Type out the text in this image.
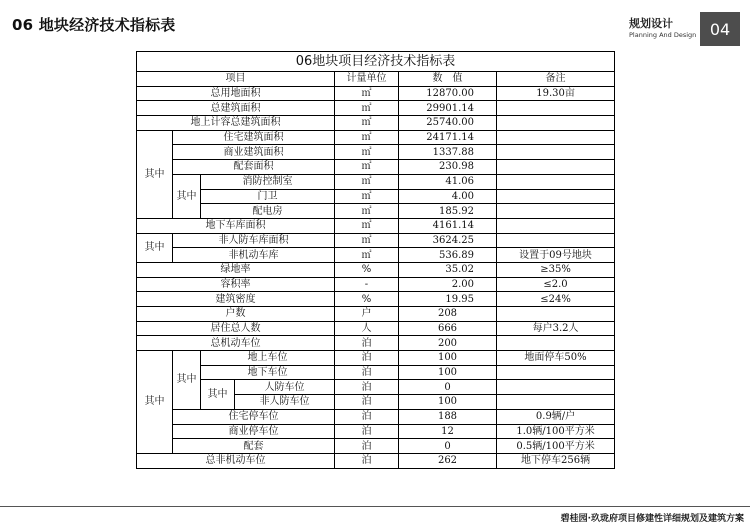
06 地块经济技术指标表	规划设计
Planning And Design 04
06地块项目经济技术指标表						
项目				计量单位	数　值	备注
总用地面积				㎡	12870.00	19.30亩
总建筑面积				㎡	29901.14	
地上计容总建筑面积				㎡	25740.00	
其中	住宅建筑面积			㎡	24171.14	
	商业建筑面积			㎡	1337.88	
	配套面积			㎡	230.98	
	其中	消防控制室		㎡	41.06	
		门卫		㎡	4.00	
		配电房		㎡	185.92	
地下车库面积				㎡	4161.14	
其中	非人防车库面积			㎡	3624.25	
	非机动车库			㎡	536.89	设置于09号地块
绿地率				%	35.02	≥35%
容积率				-	2.00	≤2.0
建筑密度				%	19.95	≤24%
户数				户	208	
居住总人数				人	666	每户3.2人
总机动车位				泊	200	
其中	其中	地上车位		泊	100	地面停车50%
		地下车位		泊	100	
		其中	人防车位	泊	0	
			非人防车位	泊	100	
	住宅停车位			泊	188	0.9辆/户
	商业停车位			泊	12	1.0辆/100平方米
	配套			泊	0	0.5辆/100平方米
总非机动车位				泊	262	地下停车256辆
碧桂园·玖珑府项目修建性详细规划及建筑方案
